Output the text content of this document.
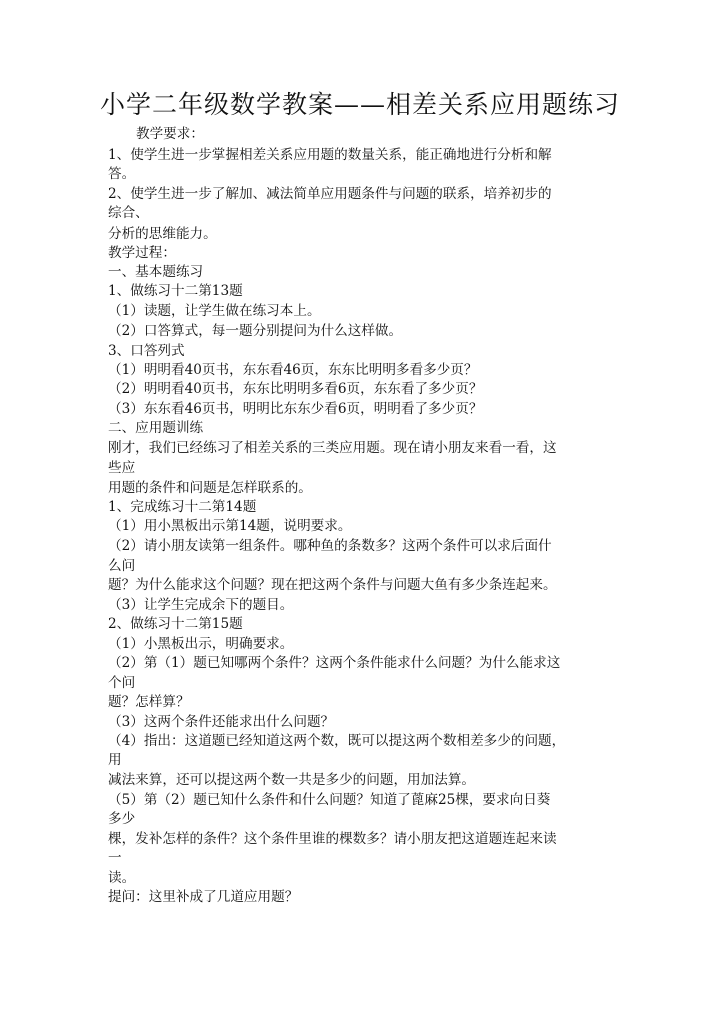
小学二年级数学教案——相差关系应用题练习
教学要求：
1、使学生进一步掌握相差关系应用题的数量关系，能正确地进行分析和解
答。
2、使学生进一步了解加、减法简单应用题条件与问题的联系，培养初步的
综合、
分析的思维能力。
教学过程：
一、基本题练习
1、做练习十二第13题
（1）读题，让学生做在练习本上。
（2）口答算式，每一题分别提问为什么这样做。
3、口答列式
（1）明明看40页书，东东看46页，东东比明明多看多少页？
（2）明明看40页书，东东比明明多看6页，东东看了多少页？
（3）东东看46页书，明明比东东少看6页，明明看了多少页？
二、应用题训练
刚才，我们已经练习了相差关系的三类应用题。现在请小朋友来看一看，这
些应
用题的条件和问题是怎样联系的。
1、完成练习十二第14题
（1）用小黑板出示第14题，说明要求。
（2）请小朋友读第一组条件。哪种鱼的条数多？这两个条件可以求后面什
么问
题？为什么能求这个问题？现在把这两个条件与问题大鱼有多少条连起来。
（3）让学生完成余下的题目。
2、做练习十二第15题
（1）小黑板出示，明确要求。
（2）第（1）题已知哪两个条件？这两个条件能求什么问题？为什么能求这
个问
题？怎样算？
（3）这两个条件还能求出什么问题？
（4）指出：这道题已经知道这两个数，既可以提这两个数相差多少的问题，
用
减法来算，还可以提这两个数一共是多少的问题，用加法算。
（5）第（2）题已知什么条件和什么问题？知道了蓖麻25棵，要求向日葵
多少
棵，发补怎样的条件？这个条件里谁的棵数多？请小朋友把这道题连起来读
一
读。
提问：这里补成了几道应用题？
